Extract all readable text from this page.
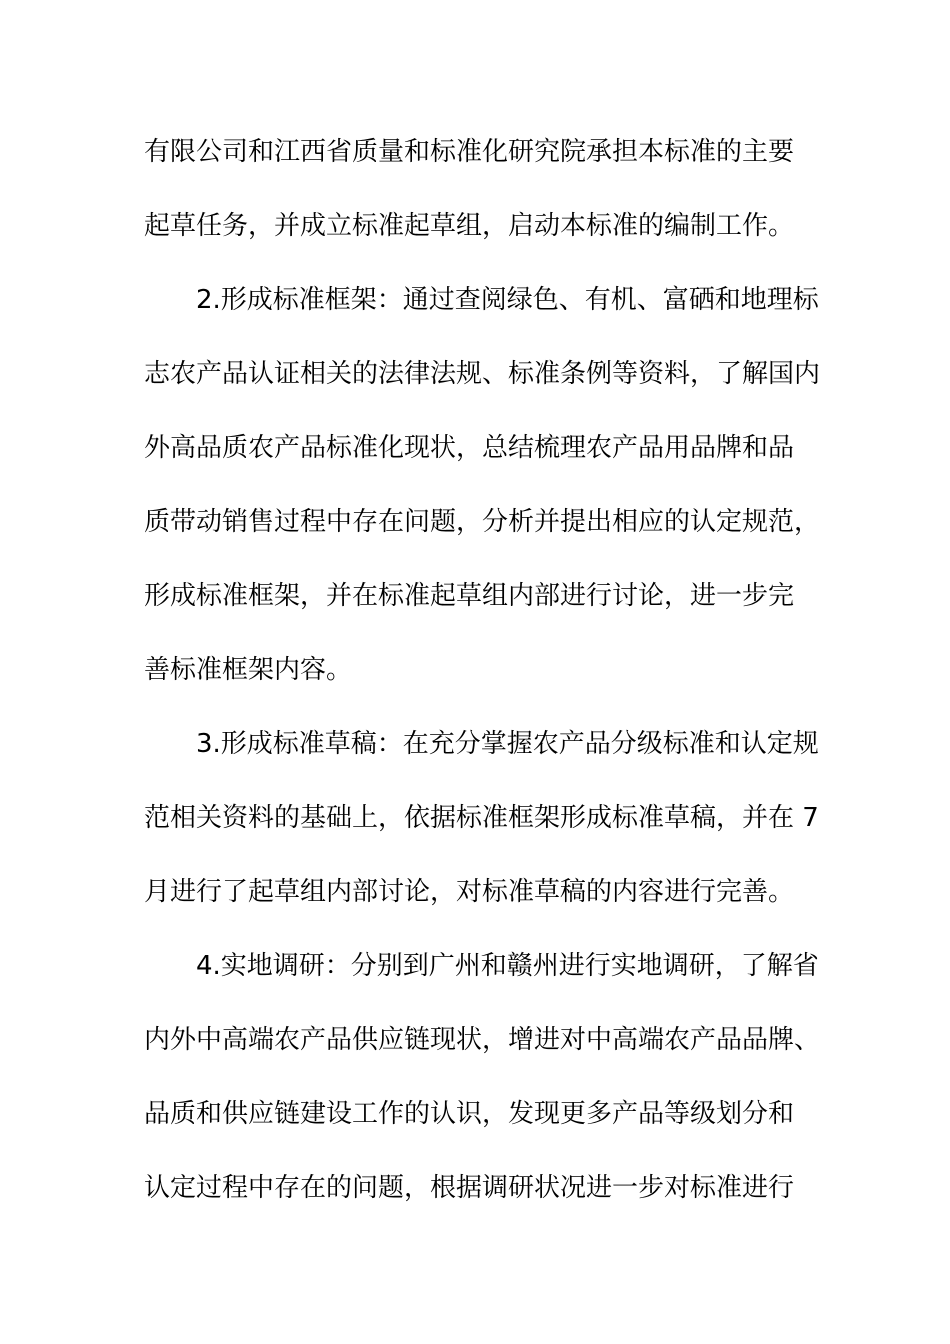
有限公司和江西省质量和标准化研究院承担本标准的主要
起草任务，并成立标准起草组，启动本标准的编制工作。
2.形成标准框架：通过查阅绿色、有机、富硒和地理标
志农产品认证相关的法律法规、标准条例等资料，了解国内
外高品质农产品标准化现状，总结梳理农产品用品牌和品
质带动销售过程中存在问题，分析并提出相应的认定规范，
形成标准框架，并在标准起草组内部进行讨论，进一步完
善标准框架内容。
3.形成标准草稿：在充分掌握农产品分级标准和认定规
范相关资料的基础上，依据标准框架形成标准草稿，并在 7
月进行了起草组内部讨论，对标准草稿的内容进行完善。
4.实地调研：分别到广州和赣州进行实地调研，了解省
内外中高端农产品供应链现状，增进对中高端农产品品牌、
品质和供应链建设工作的认识，发现更多产品等级划分和
认定过程中存在的问题，根据调研状况进一步对标准进行
